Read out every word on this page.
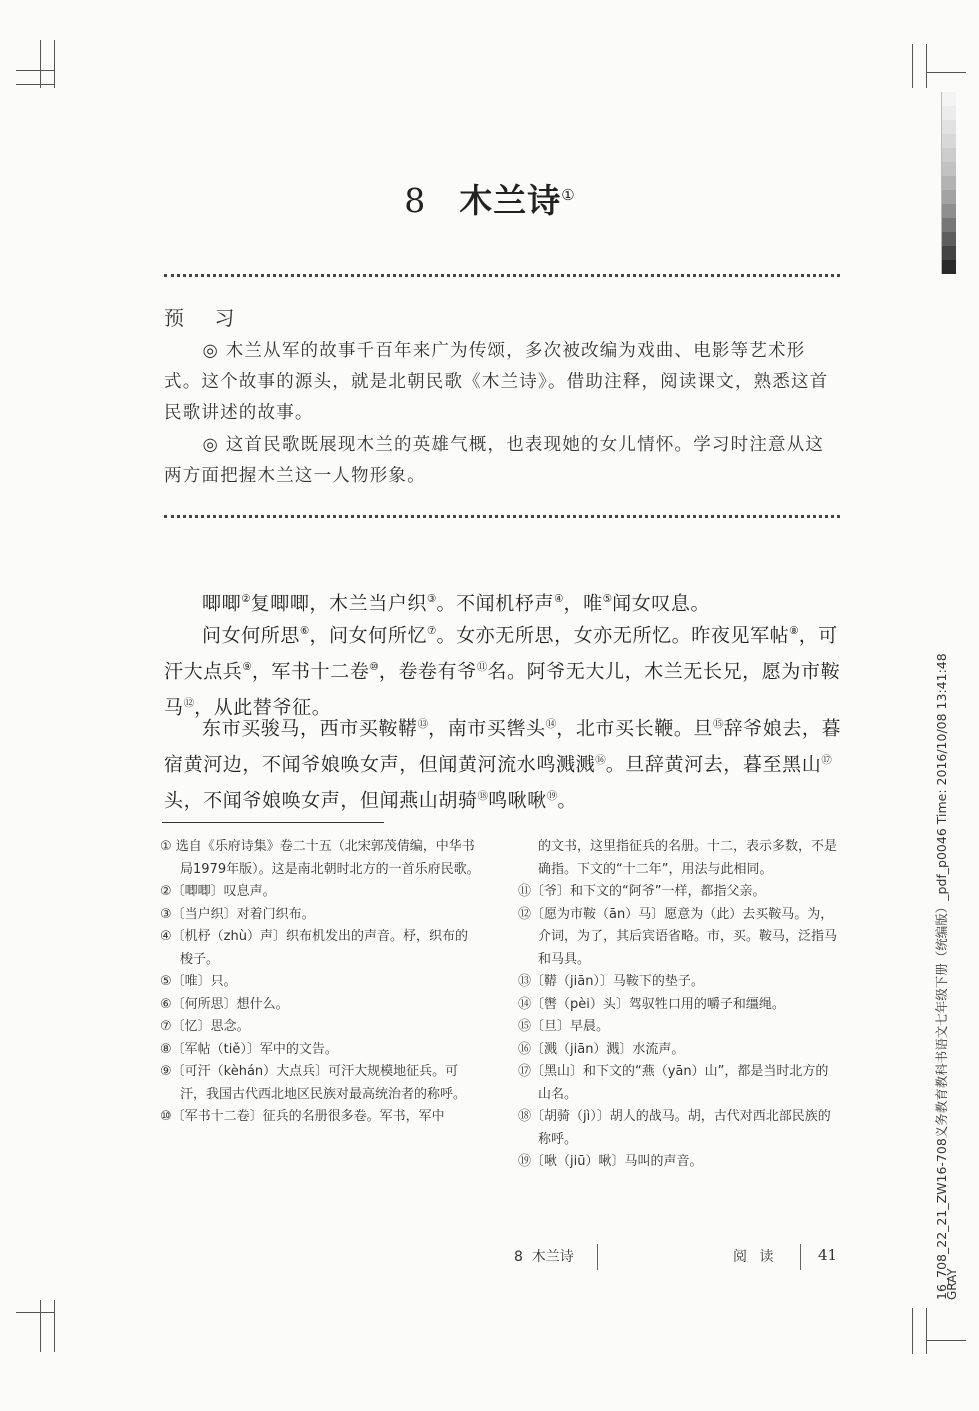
16_708_22_21_ZW16-708义务教育教科书语文七年级下册（统编版）_pdf_p0046 Time: 2016/10/08 13:41:48
GRAY
8 木兰诗①
预 习
◎ 木兰从军的故事千百年来广为传颂，多次被改编为戏曲、电影等艺术形式。这个故事的源头，就是北朝民歌《木兰诗》。借助注释，阅读课文，熟悉这首民歌讲述的故事。
◎ 这首民歌既展现木兰的英雄气概，也表现她的女儿情怀。学习时注意从这两方面把握木兰这一人物形象。
唧唧②复唧唧，木兰当户织③。不闻机杼声④，唯⑤闻女叹息。
问女何所思⑥，问女何所忆⑦。女亦无所思，女亦无所忆。昨夜见军帖⑧，可汗大点兵⑨，军书十二卷⑩，卷卷有爷⑪名。阿爷无大儿，木兰无长兄，愿为市鞍马⑫，从此替爷征。
东市买骏马，西市买鞍鞯⑬，南市买辔头⑭，北市买长鞭。旦⑮辞爷娘去，暮宿黄河边，不闻爷娘唤女声，但闻黄河流水鸣溅溅⑯。旦辞黄河去，暮至黑山⑰头，不闻爷娘唤女声，但闻燕山胡骑⑱鸣啾啾⑲。
① 选自《乐府诗集》卷二十五（北宋郭茂倩编，中华书局1979年版）。这是南北朝时北方的一首乐府民歌。
②〔唧唧〕叹息声。
③〔当户织〕对着门织布。
④〔机杼（zhù）声〕织布机发出的声音。杼，织布的梭子。
⑤〔唯〕只。
⑥〔何所思〕想什么。
⑦〔忆〕思念。
⑧〔军帖（tiě）〕军中的文告。
⑨〔可汗（kèhán）大点兵〕可汗大规模地征兵。可汗，我国古代西北地区民族对最高统治者的称呼。
⑩〔军书十二卷〕征兵的名册很多卷。军书，军中
的文书，这里指征兵的名册。十二，表示多数，不是确指。下文的“十二年”，用法与此相同。
⑪〔爷〕和下文的“阿爷”一样，都指父亲。
⑫〔愿为市鞍（ān）马〕愿意为（此）去买鞍马。为，介词，为了，其后宾语省略。市，买。鞍马，泛指马和马具。
⑬〔鞯（jiān）〕马鞍下的垫子。
⑭〔辔（pèi）头〕驾驭牲口用的嚼子和缰绳。
⑮〔旦〕早晨。
⑯〔溅（jiān）溅〕水流声。
⑰〔黑山〕和下文的“燕（yān）山”，都是当时北方的山名。
⑱〔胡骑（jì）〕胡人的战马。胡，古代对西北部民族的称呼。
⑲〔啾（jiū）啾〕马叫的声音。
8  木兰诗	阅 读	41
